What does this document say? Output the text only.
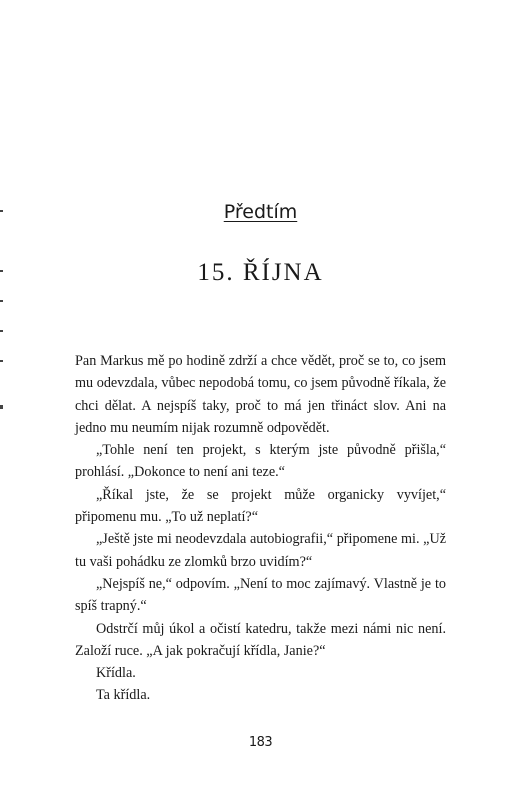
Předtím
15. ŘÍJNA

Pan Markus mě po hodině zdrží a chce vědět, proč se to, co jsem mu odevzdala, vůbec nepodobá tomu, co jsem původně říkala, že chci dělat. A nejspíš taky, proč to má jen třináct slov. Ani na jedno mu neumím nijak rozumně odpovědět.

„Tohle není ten projekt, s kterým jste původně přišla,“ prohlásí. „Dokonce to není ani teze.“

„Říkal jste, že se projekt může organicky vyvíjet,“ připomenu mu. „To už neplatí?“

„Ještě jste mi neodevzdala autobiografii,“ připomene mi. „Už tu vaši pohádku ze zlomků brzo uvidím?“

„Nejspíš ne,“ odpovím. „Není to moc zajímavý. Vlastně je to spíš trapný.“

Odstrčí můj úkol a očistí katedru, takže mezi námi nic není. Založí ruce. „A jak pokračují křídla, Janie?“

Křídla.

Ta křídla.

183
